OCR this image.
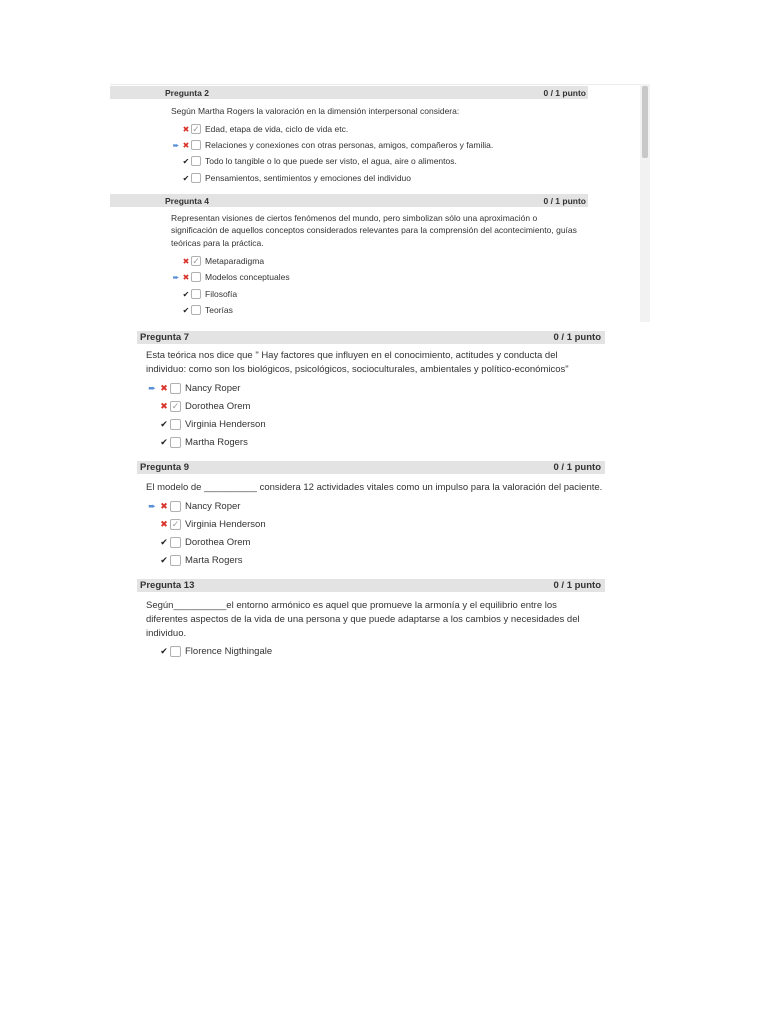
Pregunta 2	0 / 1 punto
Según Martha Rogers la valoración en la dimensión interpersonal considera:
✖ ✓ Edad, etapa de vida, ciclo de vida etc.
➨ ✖ Relaciones y conexiones con otras personas, amigos, compañeros y familia.
✔ Todo lo tangible o lo que puede ser visto, el agua, aire o alimentos.
✔ Pensamientos, sentimientos y emociones del individuo
Pregunta 4	0 / 1 punto
Representan visiones de ciertos fenómenos del mundo, pero simbolizan sólo una aproximación o
significación de aquellos conceptos considerados relevantes para la comprensión del acontecimiento, guías
teóricas para la práctica.
✖ ✓ Metaparadigma
➨ ✖ Modelos conceptuales
✔ Filosofía
✔ Teorías
Pregunta 7	0 / 1 punto
Esta teórica nos dice que " Hay factores que influyen en el conocimiento, actitudes y conducta del
individuo: como son los biológicos, psicológicos, socioculturales, ambientales y político-económicos"
➨ ✖ Nancy Roper
✖ ✓ Dorothea Orem
✔ Virginia Henderson
✔ Martha Rogers
Pregunta 9	0 / 1 punto
El modelo de __________ considera 12 actividades vitales como un impulso para la valoración del paciente.
➨ ✖ Nancy Roper
✖ ✓ Virginia Henderson
✔ Dorothea Orem
✔ Marta Rogers
Pregunta 13	0 / 1 punto
Según__________el entorno armónico es aquel que promueve la armonía y el equilibrio entre los
diferentes aspectos de la vida de una persona y que puede adaptarse a los cambios y necesidades del
individuo.
✔ Florence Nigthingale
